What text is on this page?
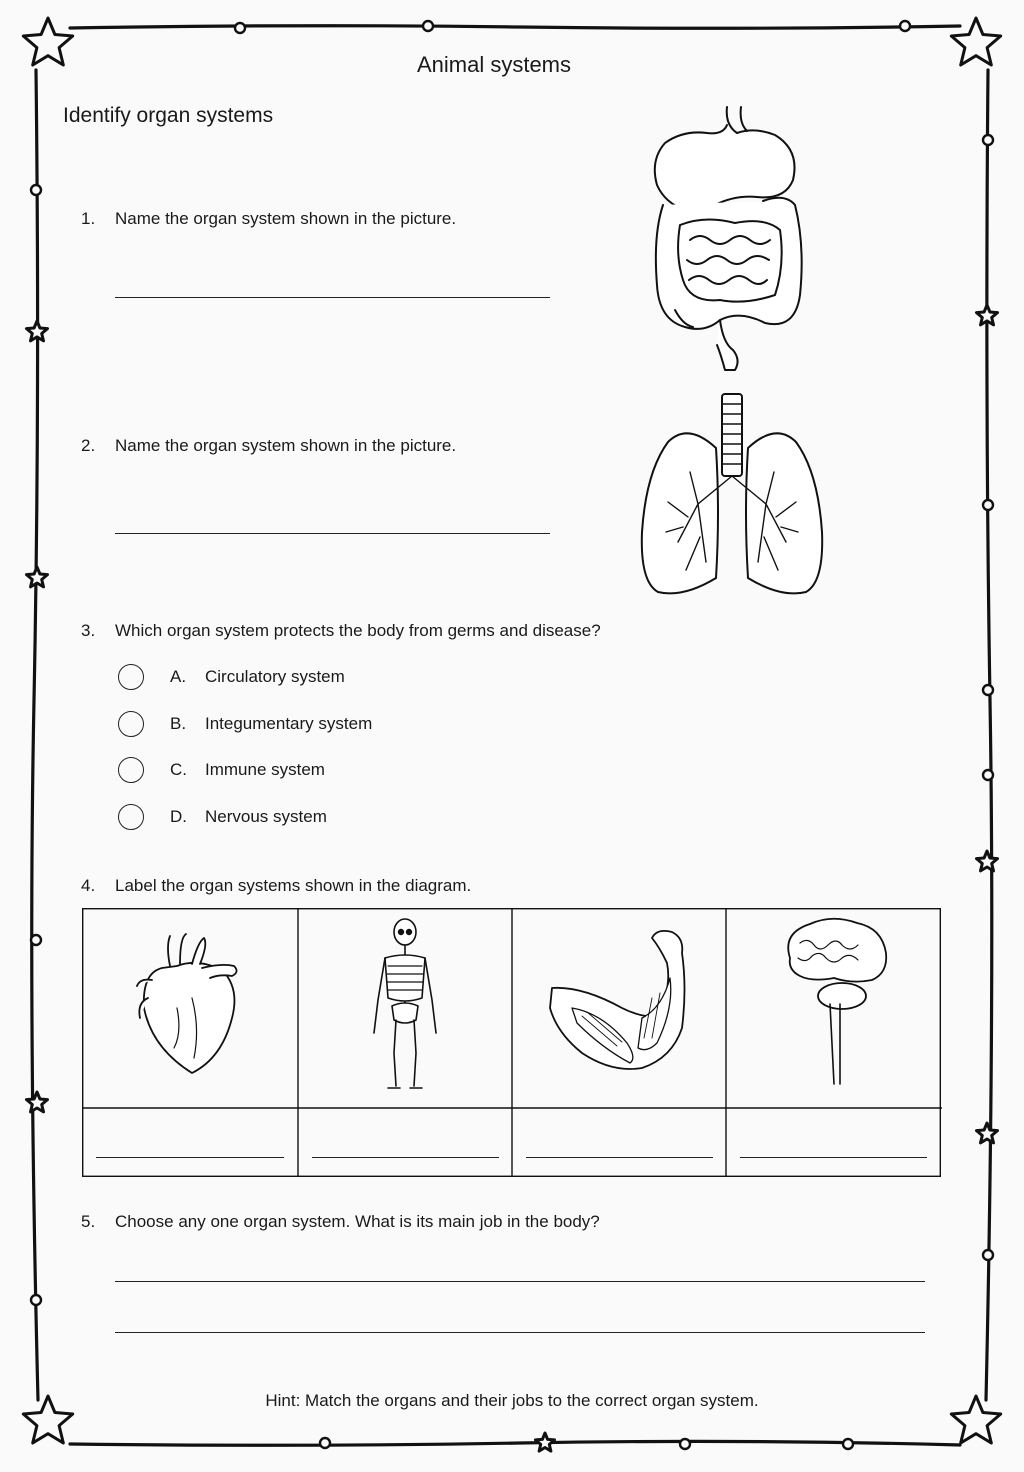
Animal systems
Identify organ systems
1.	Name the organ system shown in the picture.
2.	Name the organ system shown in the picture.
3.	Which organ system protects the body from germs and disease?
A. Circulatory system
B. Integumentary system
C. Immune system
D. Nervous system
4.	Label the organ systems shown in the diagram.
5.	Choose any one organ system. What is its main job in the body?
Hint: Match the organs and their jobs to the correct organ system.
